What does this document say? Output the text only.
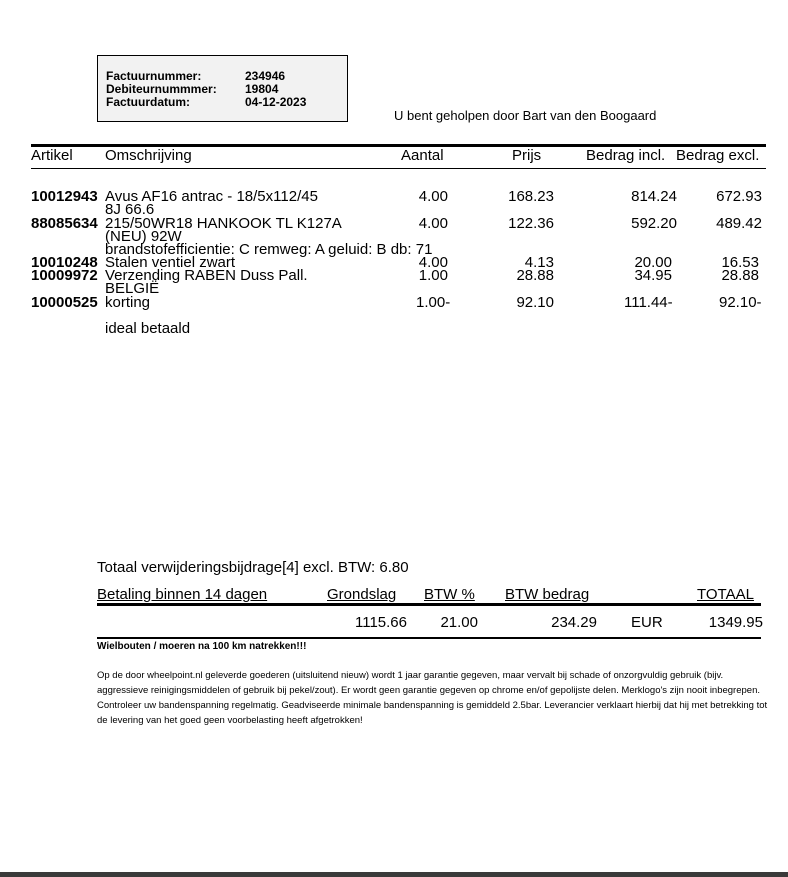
Factuurnummer:	234946
Debiteurnummmer: 19804
Factuurdatum:	04-12-2023
U bent geholpen door Bart van den Boogaard
Artikel Omschrijving	Aantal	Prijs	Bedrag incl. Bedrag excl.
10012943 Avus AF16 antrac - 18/5x112/45
8J 66.6
4.00	168.23	814.24	672.93
88085634 215/50WR18 HANKOOK TL K127A
(NEU) 92W
brandstofefficientie: C remweg: A geluid: B db: 71
4.00	122.36	592.20	489.42
10010248 Stalen ventiel zwart	4.00	4.13	20.00	16.53
10009972 Verzending RABEN Duss Pall.
BELGIË
1.00	28.88	34.95	28.88
10000525 korting	1.00-	92.10	111.44-	92.10-
ideal betaald
Totaal verwijderingsbijdrage[4] excl. BTW: 6.80
Betaling binnen 14 dagen	Grondslag BTW % BTW bedrag	TOTAAL
1115.66	21.00	234.29 EUR	1349.95
Wielbouten / moeren na 100 km natrekken!!!
Op de door wheelpoint.nl geleverde goederen (uitsluitend nieuw) wordt 1 jaar garantie gegeven, maar vervalt bij schade of onzorgvuldig gebruik (bijv. aggressieve reinigingsmiddelen of gebruik bij pekel/zout). Er wordt geen garantie gegeven op chrome en/of gepolijste delen. Merklogo's zijn nooit inbegrepen. Controleer uw bandenspanning regelmatig. Geadviseerde minimale bandenspanning is gemiddeld 2.5bar. Leverancier verklaart hierbij dat hij met betrekking tot de levering van het goed geen voorbelasting heeft afgetrokken!
